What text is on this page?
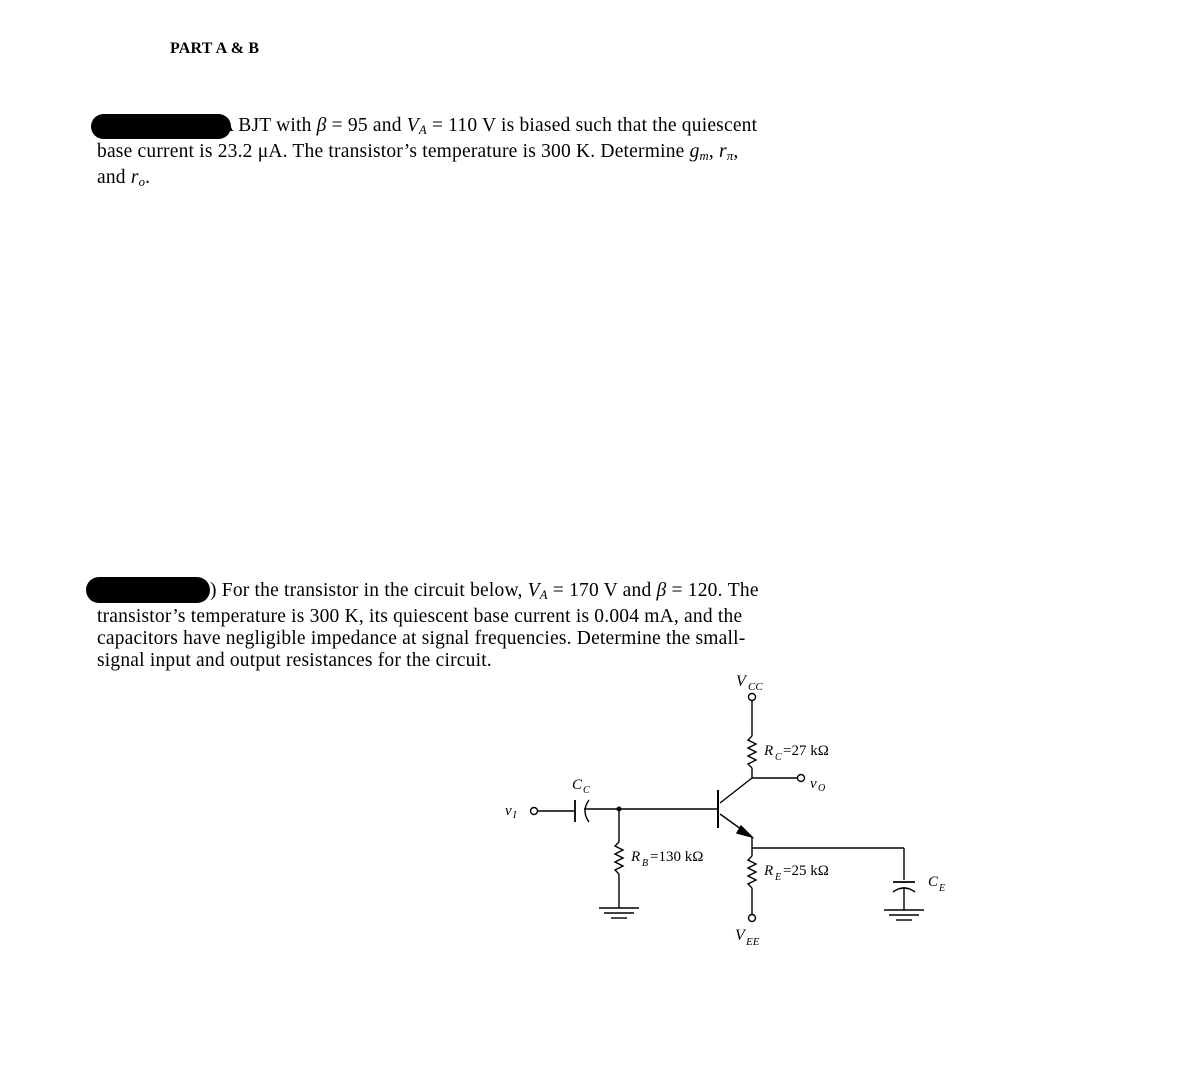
PART A & B

A BJT with β = 95 and $V_A = 110$ V is biased such that the quiescent

base current is 23.2 μA. The transistor’s temperature is 300 K. Determine $g_m$, $r_\pi$,

and $r_o$.

) For the transistor in the circuit below, $V_A = 170$ V and β = 120. The

transistor’s temperature is 300 K, its quiescent base current is 0.004 mA, and the

capacitors have negligible impedance at signal frequencies. Determine the small-

signal input and output resistances for the circuit.

V CC
R C =27 kΩ
v O
v I
C C
R B =130 kΩ
R E =25 kΩ
C E
V EE
